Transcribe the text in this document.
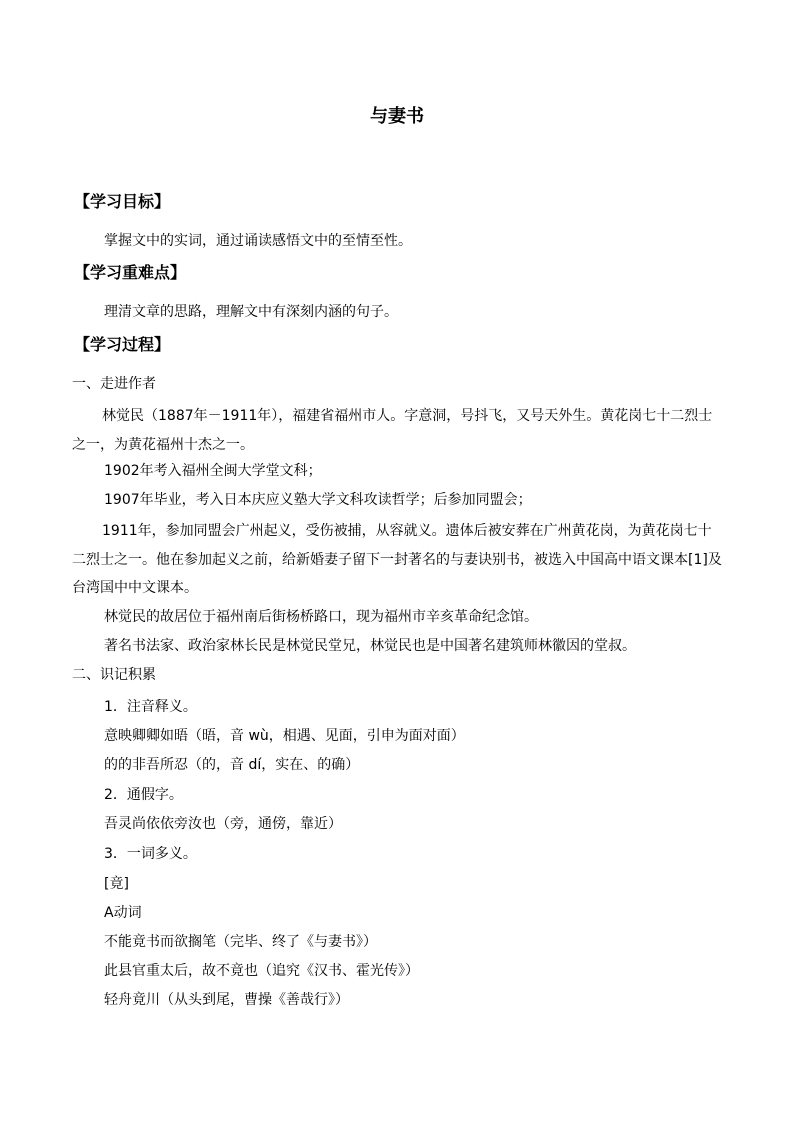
与妻书
【学习目标】
掌握文中的实词，通过诵读感悟文中的至情至性。
【学习重难点】
理清文章的思路，理解文中有深刻内涵的句子。
【学习过程】
一、走进作者
林觉民（1887年－1911年），福建省福州市人。字意洞，号抖飞，又号天外生。黄花岗七十二烈士之一，为黄花福州十杰之一。
1902年考入福州全闽大学堂文科；
1907年毕业，考入日本庆应义塾大学文科攻读哲学；后参加同盟会；
1911年，参加同盟会广州起义，受伤被捕，从容就义。遗体后被安葬在广州黄花岗，为黄花岗七十二烈士之一。他在参加起义之前，给新婚妻子留下一封著名的与妻诀别书，被选入中国高中语文课本[1]及台湾国中中文课本。
林觉民的故居位于福州南后街杨桥路口，现为福州市辛亥革命纪念馆。
著名书法家、政治家林长民是林觉民堂兄，林觉民也是中国著名建筑师林徽因的堂叔。
二、识记积累
1．注音释义。
意映卿卿如晤（晤，音 wù，相遇、见面，引申为面对面）
的的非吾所忍（的，音 dí，实在、的确）
2．通假字。
吾灵尚依依旁汝也（旁，通傍，靠近）
3．一词多义。
[竟]
A动词
不能竟书而欲搁笔（完毕、终了《与妻书》）
此县官重太后，故不竟也（追究《汉书、霍光传》）
轻舟竟川（从头到尾，曹操《善哉行》）
